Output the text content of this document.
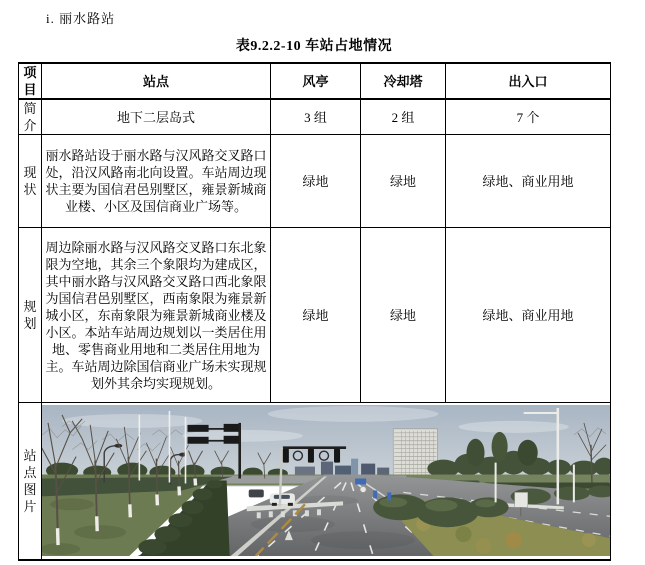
i. 丽水路站
表9.2.2-10 车站占地情况
项目	站点	风亭	冷却塔	出入口
简介	地下二层岛式	3 组	2 组	7 个
现状	丽水路站设于丽水路与汉风路交叉路口处，沿汉风路南北向设置。车站周边现状主要为国信君邑别墅区，雍景新城商业楼、小区及国信商业广场等。	绿地	绿地	绿地、商业用地
规划	周边除丽水路与汉风路交叉路口东北象限为空地，其余三个象限均为建成区，其中丽水路与汉风路交叉路口西北象限为国信君邑别墅区，西南象限为雍景新城小区，东南象限为雍景新城商业楼及小区。本站车站周边规划以一类居住用地、零售商业用地和二类居住用地为主。车站周边除国信商业广场未实现规划外其余均实现规划。	绿地	绿地	绿地、商业用地
站点图片	
